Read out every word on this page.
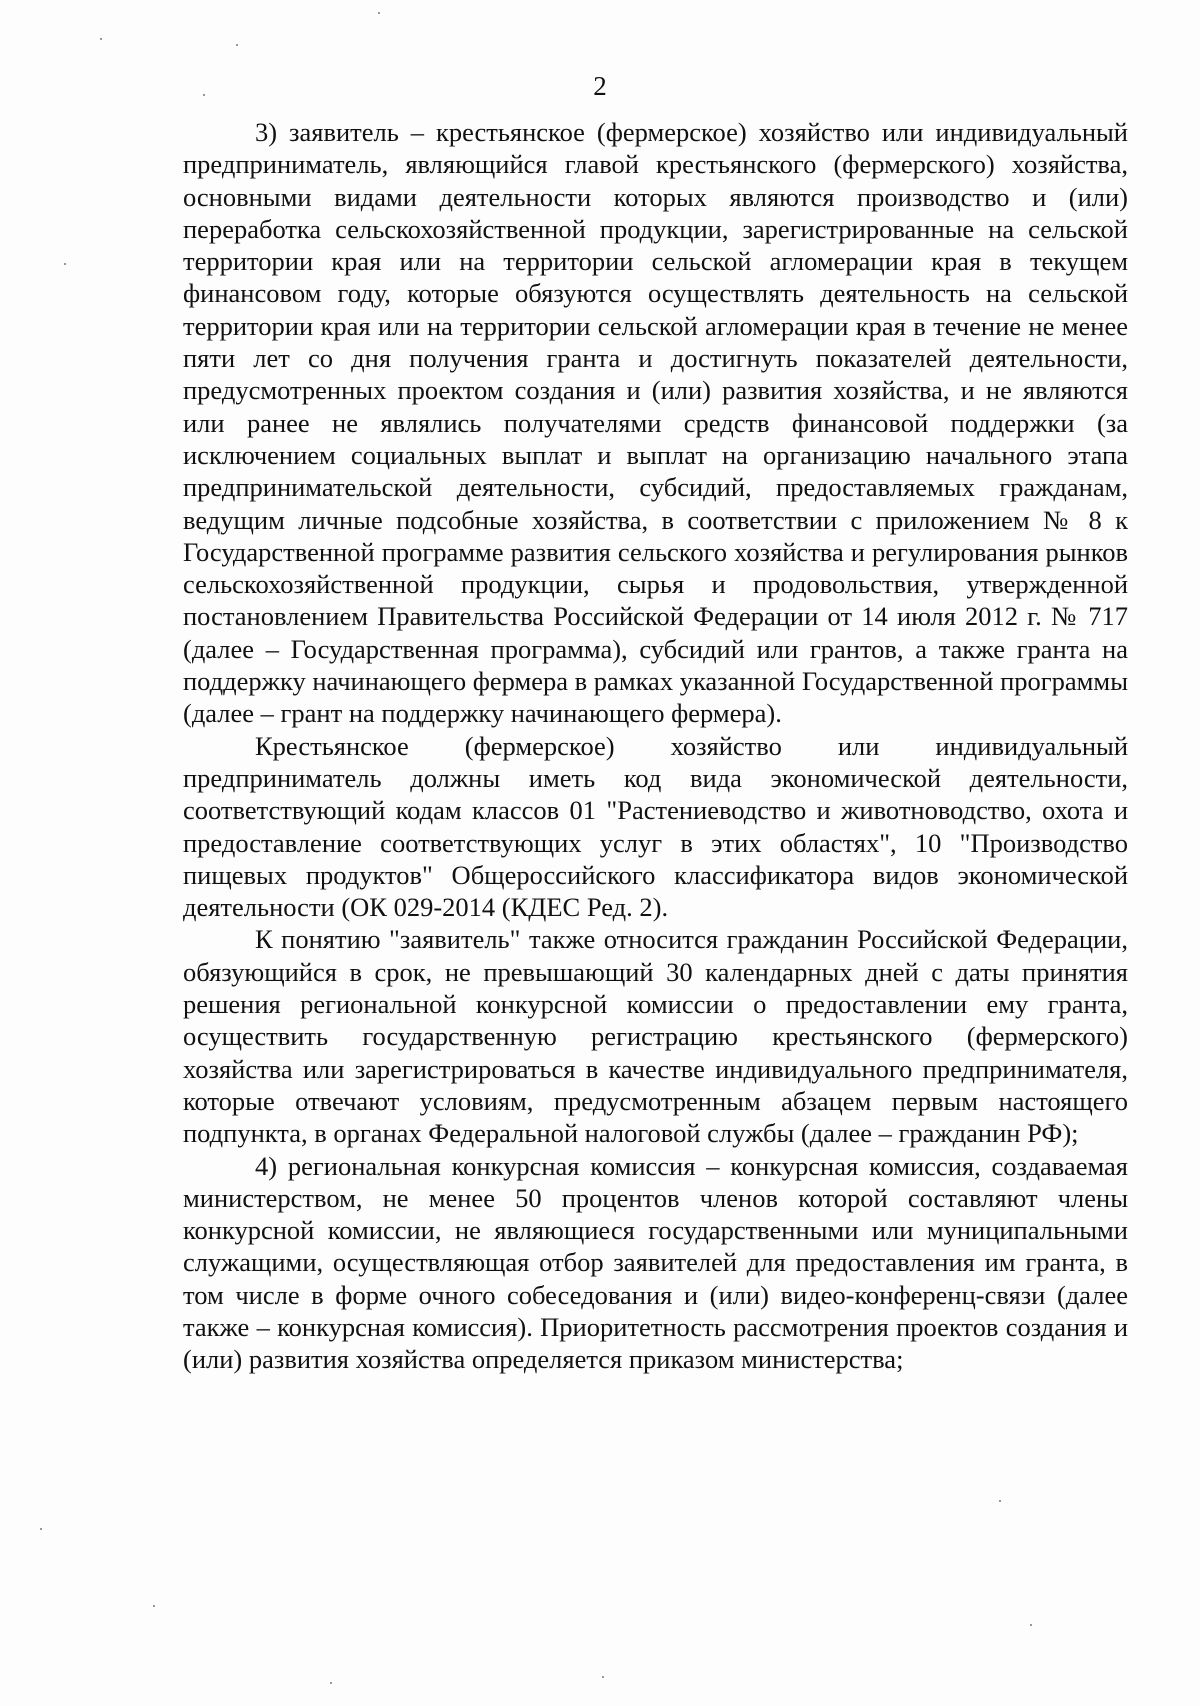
2

3) заявитель – крестьянское (фермерское) хозяйство или индивидуальный предприниматель, являющийся главой крестьянского (фермерского) хозяйства, основными видами деятельности которых являются производство и (или) переработка сельскохозяйственной продукции, зарегистрированные на сельской территории края или на территории сельской агломерации края в текущем финансовом году, которые обязуются осуществлять деятельность на сельской территории края или на территории сельской агломерации края в течение не менее пяти лет со дня получения гранта и достигнуть показателей деятельности, предусмотренных проектом создания и (или) развития хозяйства, и не являются или ранее не являлись получателями средств финансовой поддержки (за исключением социальных выплат и выплат на организацию начального этапа предпринимательской деятельности, субсидий, предоставляемых гражданам, ведущим личные подсобные хозяйства, в соответствии с приложением № 8 к Государственной программе развития сельского хозяйства и регулирования рынков сельскохозяйственной продукции, сырья и продовольствия, утвержденной постановлением Правительства Российской Федерации от 14 июля 2012 г. № 717 (далее – Государственная программа), субсидий или грантов, а также гранта на поддержку начинающего фермера в рамках указанной Государственной программы (далее – грант на поддержку начинающего фермера).

Крестьянское (фермерское) хозяйство или индивидуальный предприниматель должны иметь код вида экономической деятельности, соответствующий кодам классов 01 "Растениеводство и животноводство, охота и предоставление соответствующих услуг в этих областях", 10 "Производство пищевых продуктов" Общероссийского классификатора видов экономической деятельности (ОК 029-2014 (КДЕС Ред. 2).

К понятию "заявитель" также относится гражданин Российской Федерации, обязующийся в срок, не превышающий 30 календарных дней с даты принятия решения региональной конкурсной комиссии о предоставлении ему гранта, осуществить государственную регистрацию крестьянского (фермерского) хозяйства или зарегистрироваться в качестве индивидуального предпринимателя, которые отвечают условиям, предусмотренным абзацем первым настоящего подпункта, в органах Федеральной налоговой службы (далее – гражданин РФ);

4) региональная конкурсная комиссия – конкурсная комиссия, создаваемая министерством, не менее 50 процентов членов которой составляют члены конкурсной комиссии, не являющиеся государственными или муниципальными служащими, осуществляющая отбор заявителей для предоставления им гранта, в том числе в форме очного собеседования и (или) видео-конференц-связи (далее также – конкурсная комиссия). Приоритетность рассмотрения проектов создания и (или) развития хозяйства определяется приказом министерства;
